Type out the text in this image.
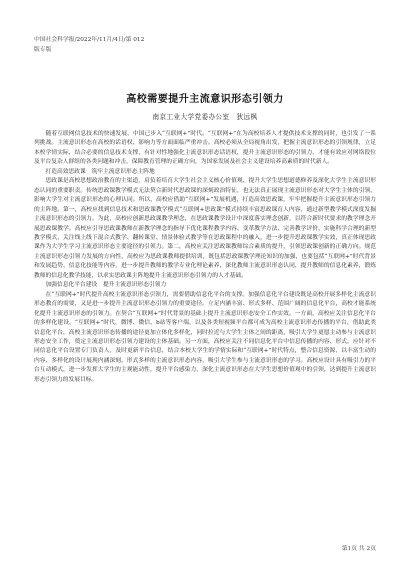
中国社会科学报/2022年/11月/4日/第 012
版专版
高校需要提升主流意识形态引领力
南京工业大学党委办公室　狄远枫

随着互联网信息技术的快速发展，中国已步入“互联网+”时代。“互联网+”在为高校培养人才提供技术支撑的同时，也引发了一系列挑战。主流意识形态在高校的话语权、影响力等方面面临严重冲击。高校必须从全局视角出发，把握主流意识形态的引领规律，立足本校学情实际，结合必要的信息技术支撑，有针对性地强化主流意识形态话语权，提升主流意识形态的引领力，才能有效应对网络段位及平台复杂人群组的各类问题和冲击，保障教育管理的正确方向，为国家发展及社会主义建设培养高素质的时代新人。

打造高效思政课　筑牢主流意识形态主阵地

思政课是高校思想政治教育的主渠道，肩负着培育大学生社会主义核心价值观、提升大学生思想道德修养及深化大学生主流意识形态认同的重要职责。传统思政课教学模式无法契合新时代思政课的深刻政治特征，也无法真正展现主流意识形态对大学生主体的引领，影响大学生对主流意识形态的心理认同。所以，高校应借助“互联网+”发展机遇，打造高效思政课，牢牢把握提升主流意识形态引领力的主阵地。第一，高校应找到信息技术和思政课教学模式“互联网+思政课”模式持续丰富思政课育人内容，通过新型教学模式深度发掘主流意识形态的引领力。为此，高校应创新思政课教学理念，在思政课教学设计中深度落实理念创新，以符合新时代要求的教学理念开展思政课教学。高校应引导思政课教师在新教学理念的指导下优化课程教学内容、变革教学方法、完善教学评价，实施科学合理的新型教学模式，关注线上线下混合式教学、翻转课堂、情景体验式教学等在思政课程中的融入，进一步提升思政课教学实效，真正体现思政课作为大学生学习主流意识形态主要途径的引领力。第二，高校应关注思政课教师综合素质的提升，引领思政课创新的正确方向。规范主流意识形态引领力发展的方向性，高校应为思政课教师提供培训，既包括思政课教学理论知识的加强，也要包括“互联网+”时代背景和发展趋势、信息化技能等内容，进一步提升教师的教学专业化理论素养，深化教师主流意识形态认同，提升教师的信息化素养，锻炼教师的信息化教学技能，以求实思政课主阵地提升主流意识形态引领力的人才基础。

加强信息化平台建设　提升主流意识形态引领力

在“互联网+”时代提升高校主流意识形态引领力，需要借助信息化平台的支撑。加强信息化平台建设既是高校开展多样化主流意识形态教育的需要，又是进一步提升主流意识形态引领力的重要途径。立足内涵丰富、形式多样、范围广阔的信息化平台，高校才能系统化提升主流意识形态的引领力。在契合“互联网+”时代背景的基础上提升主流意识形态安全工作实效。一方面，高校应关注信息化平台的多样化建设。“互联网+”时代，微博、微信、b站等客户端，以及各类短视频平台都可成为高校主流意识形态传播的平台，借助此类信息化平台，高校主流意识形态传播的途径更加立体化多样化，同时拉近与大学生主体之间的距离，吸引大学生更愿主动参与主流意识形态安全工作，奠定主流意识形态引领力建设的主体基础。另一方面，高校应关注不同信息化平台中信息传播的内容、形式，应针对不同信息化平台设置专门负责人，及时更新平台信息，结合本校大学生的学情实际和“互联网+”时代特点，整合信息资源，以丰富生动的内容、多样化的设计展现内涵深刻、形式多样的主流意识形态内容，吸引大学生参与主流意识形态的学习。高校应设计具有吸引力的平台互动模式，进一步发挥大学生的主观能动性，提升平台感染力，深化主流意识形态在大学生思想价值观中的引领，达到提升主流意识形态引领力的发展目标。

第1页 共 2页
